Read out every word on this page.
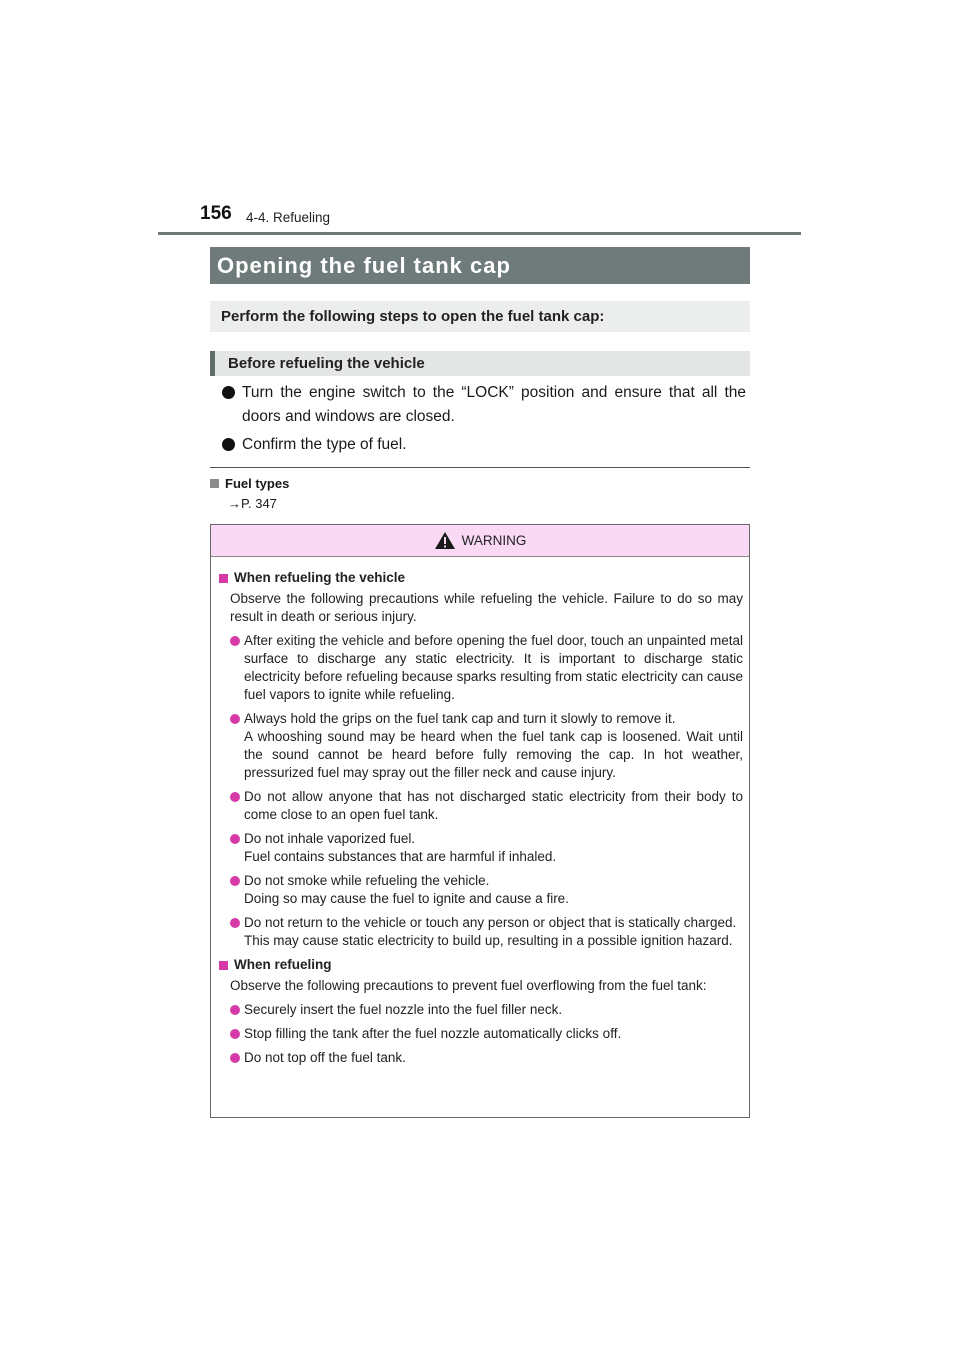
156 4-4. Refueling
Opening the fuel tank cap
Perform the following steps to open the fuel tank cap:
Before refueling the vehicle
Turn the engine switch to the “LOCK” position and ensure that all the doors and windows are closed.
Confirm the type of fuel.
Fuel types
→P. 347
WARNING
When refueling the vehicle
Observe the following precautions while refueling the vehicle. Failure to do so may result in death or serious injury.
After exiting the vehicle and before opening the fuel door, touch an unpainted metal surface to discharge any static electricity. It is important to discharge static electricity before refueling because sparks resulting from static electricity can cause fuel vapors to ignite while refueling.
Always hold the grips on the fuel tank cap and turn it slowly to remove it.
A whooshing sound may be heard when the fuel tank cap is loosened. Wait until the sound cannot be heard before fully removing the cap. In hot weather, pressurized fuel may spray out the filler neck and cause injury.
Do not allow anyone that has not discharged static electricity from their body to come close to an open fuel tank.
Do not inhale vaporized fuel.
Fuel contains substances that are harmful if inhaled.
Do not smoke while refueling the vehicle.
Doing so may cause the fuel to ignite and cause a fire.
Do not return to the vehicle or touch any person or object that is statically charged.
This may cause static electricity to build up, resulting in a possible ignition hazard.
When refueling
Observe the following precautions to prevent fuel overflowing from the fuel tank:
Securely insert the fuel nozzle into the fuel filler neck.
Stop filling the tank after the fuel nozzle automatically clicks off.
Do not top off the fuel tank.
